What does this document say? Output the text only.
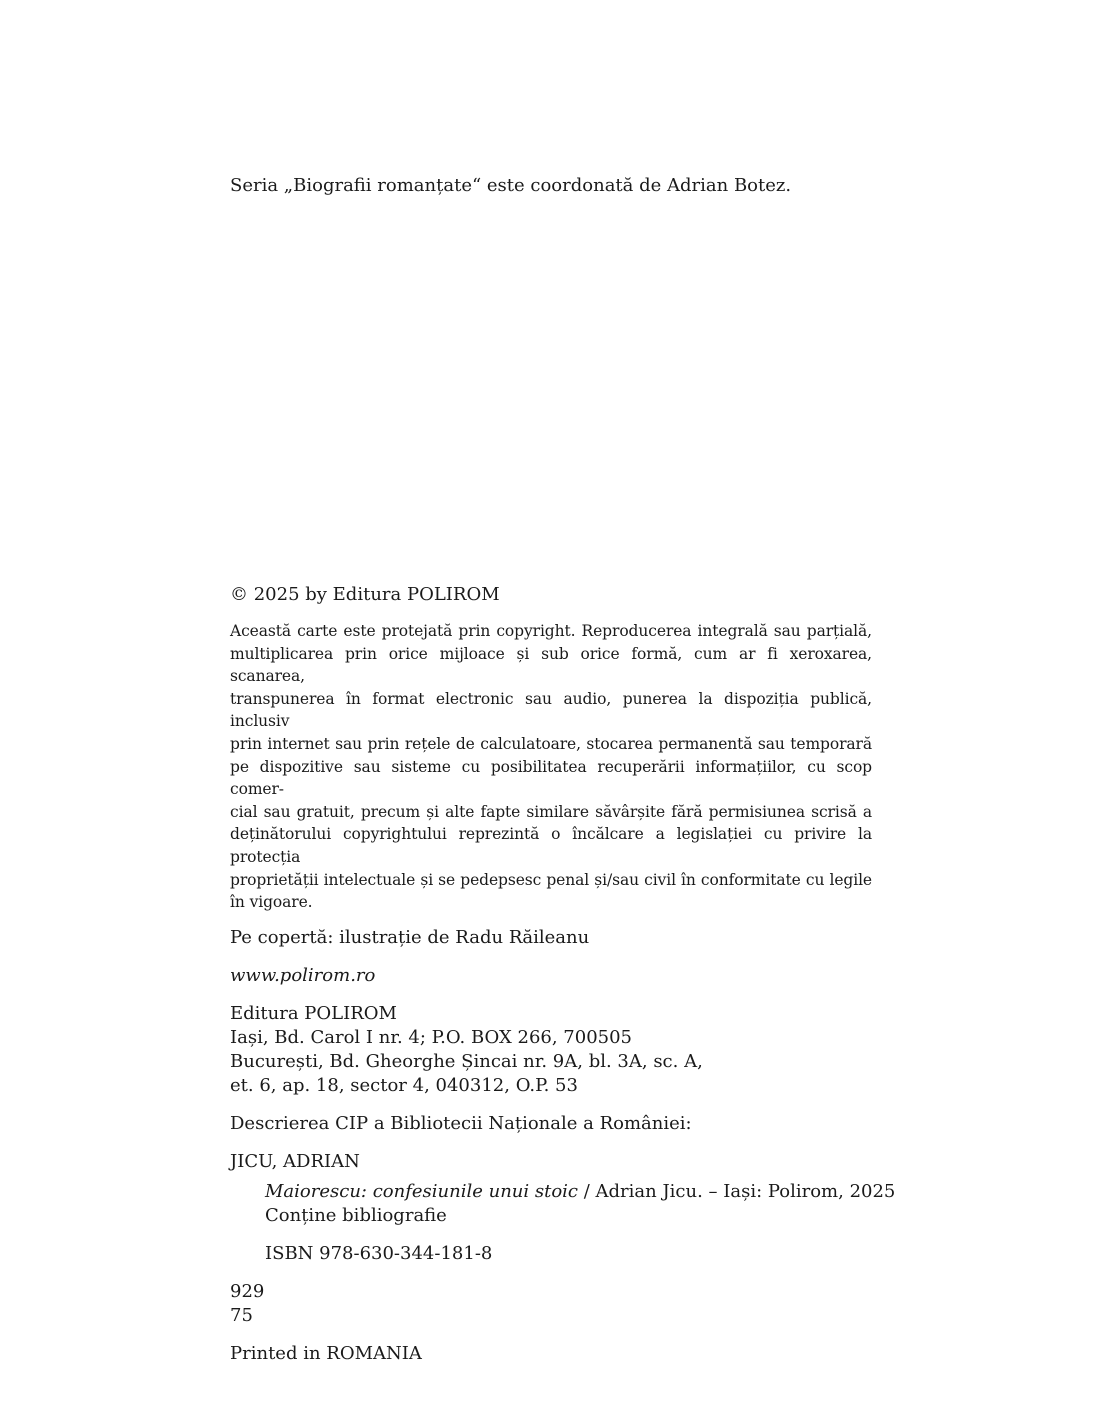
Seria „Biografii romanțate“ este coordonată de Adrian Botez.
© 2025 by Editura POLIROM
Această carte este protejată prin copyright. Reproducerea integrală sau parțială,
multiplicarea prin orice mijloace și sub orice formă, cum ar fi xeroxarea, scanarea,
transpunerea în format electronic sau audio, punerea la dispoziția publică, inclusiv
prin internet sau prin rețele de calculatoare, stocarea permanentă sau temporară
pe dispozitive sau sisteme cu posibilitatea recuperării informațiilor, cu scop comer-
cial sau gratuit, precum și alte fapte similare săvârșite fără permisiunea scrisă a
deținătorului copyrightului reprezintă o încălcare a legislației cu privire la protecția
proprietății intelectuale și se pedepsesc penal și/sau civil în conformitate cu legile
în vigoare.
Pe copertă: ilustrație de Radu Răileanu
www.polirom.ro
Editura POLIROM
Iași, Bd. Carol I nr. 4; P.O. BOX 266, 700505
București, Bd. Gheorghe Șincai nr. 9A, bl. 3A, sc. A,
et. 6, ap. 18, sector 4, 040312, O.P. 53
Descrierea CIP a Bibliotecii Naționale a României:
JICU, ADRIAN
Maiorescu: confesiunile unui stoic / Adrian Jicu. – Iași: Polirom, 2025
Conține bibliografie
ISBN 978-630-344-181-8
929
75
Printed in ROMANIA
